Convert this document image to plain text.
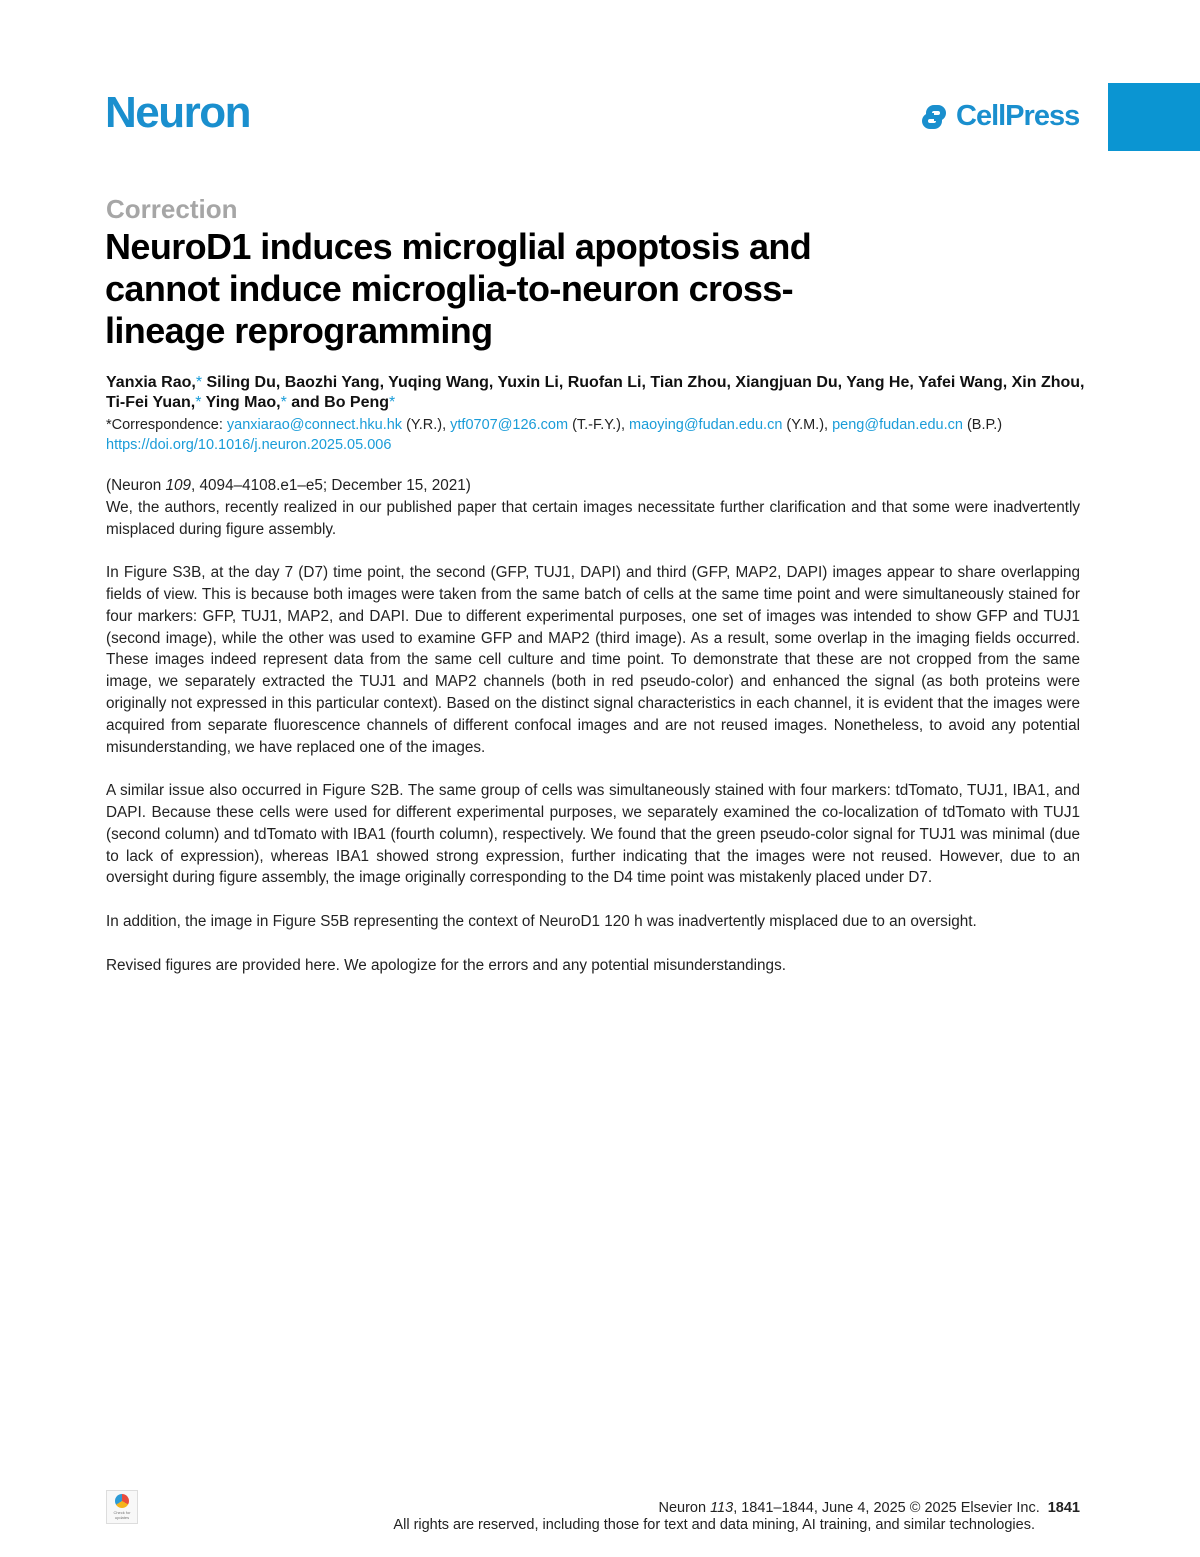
Neuron	CellPress
Correction
NeuroD1 induces microglial apoptosis and cannot induce microglia-to-neuron cross-lineage reprogramming
Yanxia Rao,* Siling Du, Baozhi Yang, Yuqing Wang, Yuxin Li, Ruofan Li, Tian Zhou, Xiangjuan Du, Yang He, Yafei Wang, Xin Zhou, Ti-Fei Yuan,* Ying Mao,* and Bo Peng*
*Correspondence: yanxiarao@connect.hku.hk (Y.R.), ytf0707@126.com (T.-F.Y.), maoying@fudan.edu.cn (Y.M.), peng@fudan.edu.cn (B.P.)
https://doi.org/10.1016/j.neuron.2025.05.006

(Neuron 109, 4094–4108.e1–e5; December 15, 2021)

We, the authors, recently realized in our published paper that certain images necessitate further clarification and that some were inadvertently misplaced during figure assembly.

In Figure S3B, at the day 7 (D7) time point, the second (GFP, TUJ1, DAPI) and third (GFP, MAP2, DAPI) images appear to share overlapping fields of view. This is because both images were taken from the same batch of cells at the same time point and were simultaneously stained for four markers: GFP, TUJ1, MAP2, and DAPI. Due to different experimental purposes, one set of images was intended to show GFP and TUJ1 (second image), while the other was used to examine GFP and MAP2 (third image). As a result, some overlap in the imaging fields occurred. These images indeed represent data from the same cell culture and time point. To demonstrate that these are not cropped from the same image, we separately extracted the TUJ1 and MAP2 channels (both in red pseudo-color) and enhanced the signal (as both proteins were originally not expressed in this particular context). Based on the distinct signal characteristics in each channel, it is evident that the images were acquired from separate fluorescence channels of different confocal images and are not reused images. Nonetheless, to avoid any potential misunderstanding, we have replaced one of the images.

A similar issue also occurred in Figure S2B. The same group of cells was simultaneously stained with four markers: tdTomato, TUJ1, IBA1, and DAPI. Because these cells were used for different experimental purposes, we separately examined the co-localization of tdTomato with TUJ1 (second column) and tdTomato with IBA1 (fourth column), respectively. We found that the green pseudo-color signal for TUJ1 was minimal (due to lack of expression), whereas IBA1 showed strong expression, further indicating that the images were not reused. However, due to an oversight during figure assembly, the image originally corresponding to the D4 time point was mistakenly placed under D7.

In addition, the image in Figure S5B representing the context of NeuroD1 120 h was inadvertently misplaced due to an oversight.

Revised figures are provided here. We apologize for the errors and any potential misunderstandings.

Check for updates
Neuron 113, 1841–1844, June 4, 2025 © 2025 Elsevier Inc. 1841
All rights are reserved, including those for text and data mining, AI training, and similar technologies.
